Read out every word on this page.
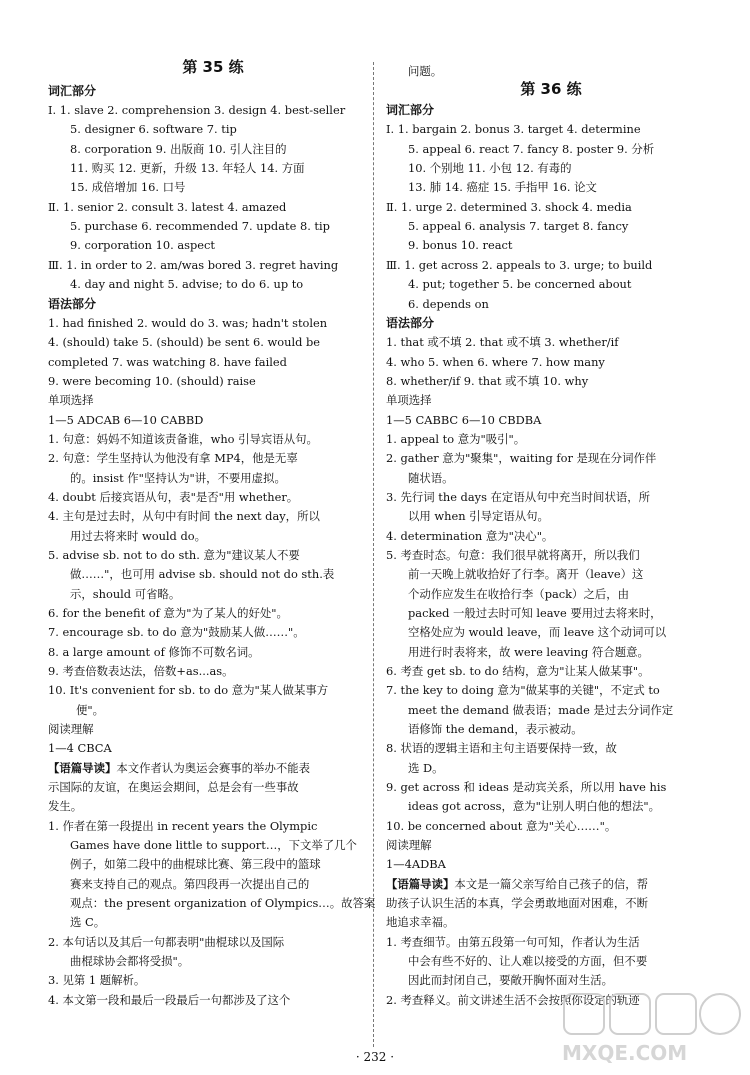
第 35 练
词汇部分
Ⅰ. 1. slave 2. comprehension 3. design 4. best-seller
5. designer 6. software 7. tip
8. corporation 9. 出版商 10. 引人注目的
11. 购买 12. 更新，升级 13. 年轻人 14. 方面
15. 成倍增加 16. 口号
Ⅱ. 1. senior 2. consult 3. latest 4. amazed
5. purchase 6. recommended 7. update 8. tip
9. corporation 10. aspect
Ⅲ. 1. in order to 2. am/was bored 3. regret having
4. day and night 5. advise; to do 6. up to
语法部分
1. had finished 2. would do 3. was; hadn't stolen
4. (should) take 5. (should) be sent 6. would be
completed 7. was watching 8. have failed
9. were becoming 10. (should) raise
单项选择
1—5 ADCAB 6—10 CABBD
1. 句意：妈妈不知道该责备谁，who 引导宾语从句。
2. 句意：学生坚持认为他没有拿 MP4，他是无辜
的。insist 作"坚持认为"讲，不要用虚拟。
4. doubt 后接宾语从句，表"是否"用 whether。
4. 主句是过去时，从句中有时间 the next day，所以
用过去将来时 would do。
5. advise sb. not to do sth. 意为"建议某人不要
做……"，也可用 advise sb. should not do sth.表
示，should 可省略。
6. for the benefit of 意为"为了某人的好处"。
7. encourage sb. to do 意为"鼓励某人做……"。
8. a large amount of 修饰不可数名词。
9. 考查倍数表达法，倍数+as...as。
10. It's convenient for sb. to do 意为"某人做某事方
便"。
阅读理解
1—4 CBCA
【语篇导读】本文作者认为奥运会赛事的举办不能表
示国际的友谊，在奥运会期间，总是会有一些事故
发生。
1. 作者在第一段提出 in recent years the Olympic
Games have done little to support…，下文举了几个
例子，如第二段中的曲棍球比赛、第三段中的篮球
赛来支持自己的观点。第四段再一次提出自己的
观点：the present organization of Olympics…。故答案
选 C。
2. 本句话以及其后一句都表明"曲棍球以及国际
曲棍球协会都将受损"。
3. 见第 1 题解析。
4. 本文第一段和最后一段最后一句都涉及了这个
问题。
第 36 练
词汇部分
Ⅰ. 1. bargain 2. bonus 3. target 4. determine
5. appeal 6. react 7. fancy 8. poster 9. 分析
10. 个别地 11. 小包 12. 有毒的
13. 肺 14. 癌症 15. 手指甲 16. 论文
Ⅱ. 1. urge 2. determined 3. shock 4. media
5. appeal 6. analysis 7. target 8. fancy
9. bonus 10. react
Ⅲ. 1. get across 2. appeals to 3. urge; to build
4. put; together 5. be concerned about
6. depends on
语法部分
1. that 或不填 2. that 或不填 3. whether/if
4. who 5. when 6. where 7. how many
8. whether/if 9. that 或不填 10. why
单项选择
1—5 CABBC 6—10 CBDBA
1. appeal to 意为"吸引"。
2. gather 意为"聚集"，waiting for 是现在分词作伴
随状语。
3. 先行词 the days 在定语从句中充当时间状语，所
以用 when 引导定语从句。
4. determination 意为"决心"。
5. 考查时态。句意：我们很早就将离开，所以我们
前一天晚上就收拾好了行李。离开（leave）这
个动作应发生在收拾行李（pack）之后，由
packed 一般过去时可知 leave 要用过去将来时，
空格处应为 would leave，而 leave 这个动词可以
用进行时表将来，故 were leaving 符合题意。
6. 考查 get sb. to do 结构，意为"让某人做某事"。
7. the key to doing 意为"做某事的关键"，不定式 to
meet the demand 做表语；made 是过去分词作定
语修饰 the demand，表示被动。
8. 状语的逻辑主语和主句主语要保持一致，故
选 D。
9. get across 和 ideas 是动宾关系，所以用 have his
ideas got across，意为"让别人明白他的想法"。
10. be concerned about 意为"关心……"。
阅读理解
1—4ADBA
【语篇导读】本文是一篇父亲写给自己孩子的信，帮
助孩子认识生活的本真，学会勇敢地面对困难，不断
地追求幸福。
1. 考查细节。由第五段第一句可知，作者认为生活
中会有些不好的、让人难以接受的方面，但不要
因此而封闭自己，要敞开胸怀面对生活。
2. 考查释义。前文讲述生活不会按照你设定的轨迹
· 232 ·	MXQE.COM
